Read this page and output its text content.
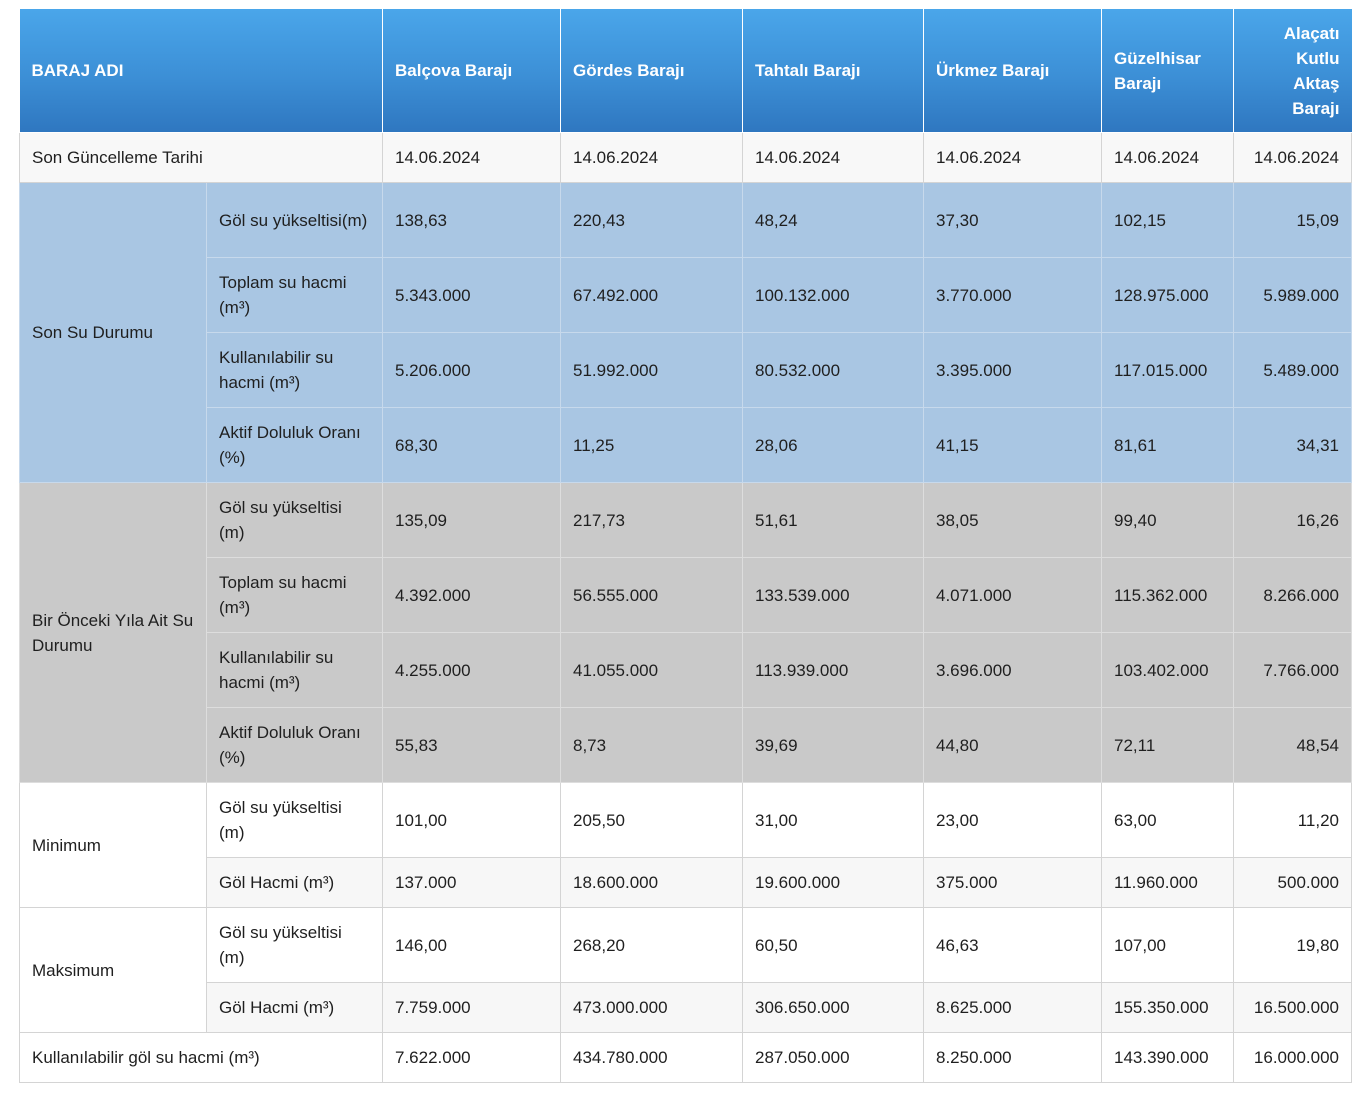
BARAJ ADI		Balçova Barajı	Gördes Barajı	Tahtalı Barajı	Ürkmez Barajı	Güzelhisar Barajı	Alaçatı Kutlu Aktaş Barajı
Son Güncelleme Tarihi		14.06.2024	14.06.2024	14.06.2024	14.06.2024	14.06.2024	14.06.2024
Son Su Durumu	Göl su yükseltisi(m)	138,63	220,43	48,24	37,30	102,15	15,09
	Toplam su hacmi (m³)	5.343.000	67.492.000	100.132.000	3.770.000	128.975.000	5.989.000
	Kullanılabilir su hacmi (m³)	5.206.000	51.992.000	80.532.000	3.395.000	117.015.000	5.489.000
	Aktif Doluluk Oranı (%)	68,30	11,25	28,06	41,15	81,61	34,31
Bir Önceki Yıla Ait Su Durumu	Göl su yükseltisi (m)	135,09	217,73	51,61	38,05	99,40	16,26
	Toplam su hacmi (m³)	4.392.000	56.555.000	133.539.000	4.071.000	115.362.000	8.266.000
	Kullanılabilir su hacmi (m³)	4.255.000	41.055.000	113.939.000	3.696.000	103.402.000	7.766.000
	Aktif Doluluk Oranı (%)	55,83	8,73	39,69	44,80	72,11	48,54
Minimum	Göl su yükseltisi (m)	101,00	205,50	31,00	23,00	63,00	11,20
	Göl Hacmi (m³)	137.000	18.600.000	19.600.000	375.000	11.960.000	500.000
Maksimum	Göl su yükseltisi (m)	146,00	268,20	60,50	46,63	107,00	19,80
	Göl Hacmi (m³)	7.759.000	473.000.000	306.650.000	8.625.000	155.350.000	16.500.000
Kullanılabilir göl su hacmi (m³)		7.622.000	434.780.000	287.050.000	8.250.000	143.390.000	16.000.000
